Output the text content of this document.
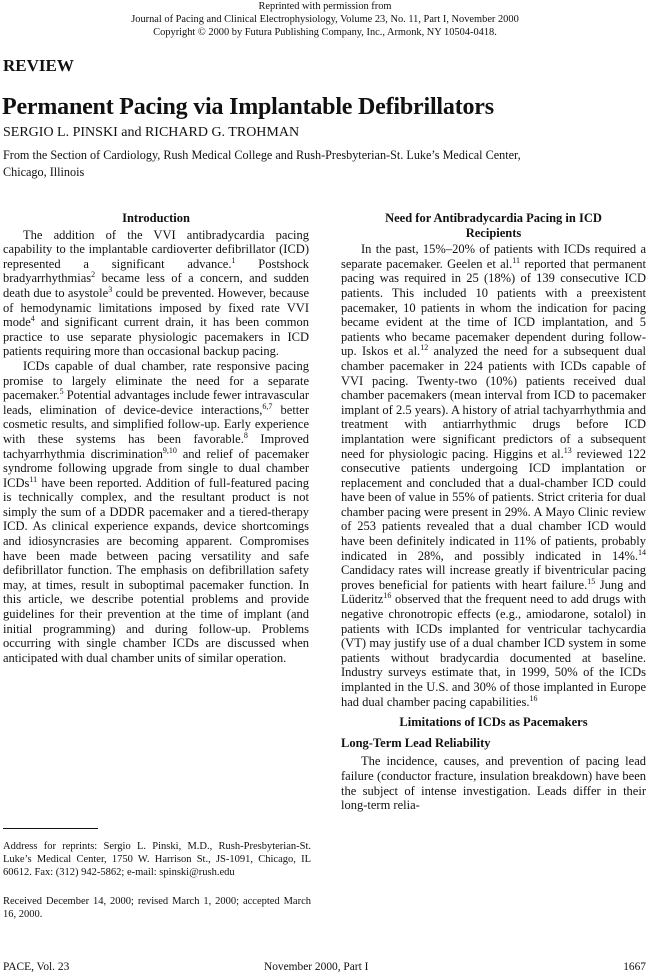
Reprinted with permission from
Journal of Pacing and Clinical Electrophysiology, Volume 23, No. 11, Part I, November 2000
Copyright © 2000 by Futura Publishing Company, Inc., Armonk, NY 10504-0418.
REVIEW
Permanent Pacing via Implantable Defibrillators
SERGIO L. PINSKI and RICHARD G. TROHMAN
From the Section of Cardiology, Rush Medical College and Rush-Presbyterian-St. Luke’s Medical Center, Chicago, Illinois
Introduction

The addition of the VVI antibradycardia pacing capability to the implantable cardioverter defibrillator (ICD) represented a significant advance.$^1$ Postshock bradyarrhythmias$^2$ became less of a concern, and sudden death due to asystole$^3$ could be prevented. However, because of hemodynamic limitations imposed by fixed rate VVI mode$^4$ and significant current drain, it has been common practice to use separate physiologic pacemakers in ICD patients requiring more than occasional backup pacing.

ICDs capable of dual chamber, rate responsive pacing promise to largely eliminate the need for a separate pacemaker.$^5$ Potential advantages include fewer intravascular leads, elimination of device-device interactions,$^{6,7}$ better cosmetic results, and simplified follow-up. Early experience with these systems has been favorable.$^8$ Improved tachyarrhythmia discrimination$^{9,10}$ and relief of pacemaker syndrome following upgrade from single to dual chamber ICDs$^{11}$ have been reported. Addition of full-featured pacing is technically complex, and the resultant product is not simply the sum of a DDDR pacemaker and a tiered-therapy ICD. As clinical experience expands, device shortcomings and idiosyncrasies are becoming apparent. Compromises have been made between pacing versatility and safe defibrillator function. The emphasis on defibrillation safety may, at times, result in suboptimal pacemaker function. In this article, we describe potential problems and provide guidelines for their prevention at the time of implant (and initial programming) and during follow-up. Problems occurring with single chamber ICDs are discussed when anticipated with dual chamber units of similar operation.

Need for Antibradycardia Pacing in ICD Recipients

In the past, 15%–20% of patients with ICDs required a separate pacemaker. Geelen et al.$^{11}$ reported that permanent pacing was required in 25 (18%) of 139 consecutive ICD patients. This included 10 patients with a preexistent pacemaker, 10 patients in whom the indication for pacing became evident at the time of ICD implantation, and 5 patients who became pacemaker dependent during follow-up. Iskos et al.$^{12}$ analyzed the need for a subsequent dual chamber pacemaker in 224 patients with ICDs capable of VVI pacing. Twenty-two (10%) patients received dual chamber pacemakers (mean interval from ICD to pacemaker implant of 2.5 years). A history of atrial tachyarrhythmia and treatment with antiarrhythmic drugs before ICD implantation were significant predictors of a subsequent need for physiologic pacing. Higgins et al.$^{13}$ reviewed 122 consecutive patients undergoing ICD implantation or replacement and concluded that a dual-chamber ICD could have been of value in 55% of patients. Strict criteria for dual chamber pacing were present in 29%. A Mayo Clinic review of 253 patients revealed that a dual chamber ICD would have been definitely indicated in 11% of patients, probably indicated in 28%, and possibly indicated in 14%.$^{14}$ Candidacy rates will increase greatly if biventricular pacing proves beneficial for patients with heart failure.$^{15}$ Jung and Lüderitz$^{16}$ observed that the frequent need to add drugs with negative chronotropic effects (e.g., amiodarone, sotalol) in patients with ICDs implanted for ventricular tachycardia (VT) may justify use of a dual chamber ICD system in some patients without bradycardia documented at baseline. Industry surveys estimate that, in 1999, 50% of the ICDs implanted in the U.S. and 30% of those implanted in Europe had dual chamber pacing capabilities.$^{16}$

Limitations of ICDs as Pacemakers
Long-Term Lead Reliability

The incidence, causes, and prevention of pacing lead failure (conductor fracture, insulation breakdown) have been the subject of intense investigation. Leads differ in their long-term relia-

Address for reprints: Sergio L. Pinski, M.D., Rush-Presbyterian-St. Luke’s Medical Center, 1750 W. Harrison St., JS-1091, Chicago, IL 60612. Fax: (312) 942-5862; e-mail: spinski@rush.edu
Received December 14, 2000; revised March 1, 2000; accepted March 16, 2000.
PACE, Vol. 23	November 2000, Part I	1667
